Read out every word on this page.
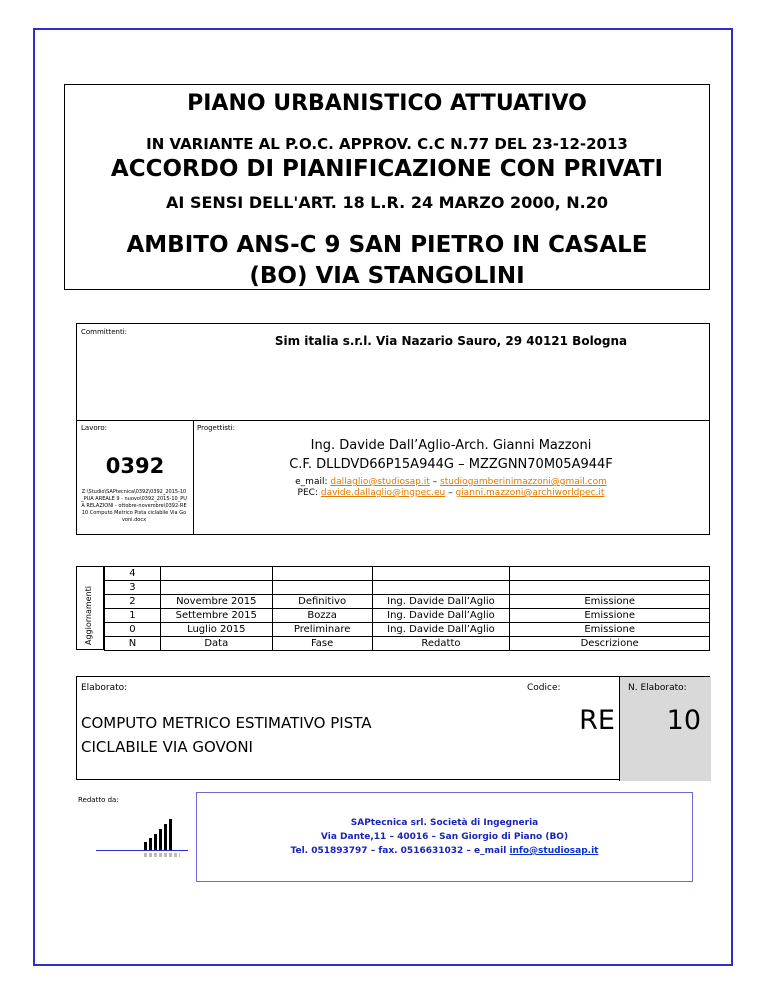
PIANO URBANISTICO ATTUATIVO
IN VARIANTE AL P.O.C. APPROV. C.C N.77 DEL 23-12-2013
ACCORDO DI PIANIFICAZIONE CON PRIVATI
AI SENSI DELL'ART. 18 L.R. 24 MARZO 2000, N.20
AMBITO ANS-C 9 SAN PIETRO IN CASALE
(BO) VIA STANGOLINI
Committenti:
Sim italia s.r.l. Via Nazario Sauro, 29 40121 Bologna
Lavoro:
0392
Z:\Studio\SAPtecnica\0392\0392_2015-10_PUA AREALE 9 - nuovo\0392_2015-10_PUA RELAZIONI - ottobre-novembre\0392-RE10 Computo Metrico Pista ciclabile Via Govoni.docx
Progettisti:
Ing. Davide Dall’Aglio-Arch. Gianni Mazzoni
C.F. DLLDVD66P15A944G – MZZGNN70M05A944F
e_mail: dallaglio@studiosap.it – studiogamberinimazzoni@gmail.com
PEC: davide.dallaglio@ingpec.eu – gianni.mazzoni@archiworldpec.it
Aggiornamenti
4				
3				
2	Novembre 2015	Definitivo	Ing. Davide Dall’Aglio	Emissione
1	Settembre 2015	Bozza	Ing. Davide Dall’Aglio	Emissione
0	Luglio 2015	Preliminare	Ing. Davide Dall’Aglio	Emissione
N	Data	Fase	Redatto	Descrizione
Elaborato:
COMPUTO METRICO ESTIMATIVO PISTA
CICLABILE VIA GOVONI
Codice:
RE
N. Elaborato:
10
Redatto da:
SAPtecnica srl. Società di Ingegneria
Via Dante,11 – 40016 – San Giorgio di Piano (BO)
Tel. 051893797 – fax. 0516631032 – e_mail info@studiosap.it
